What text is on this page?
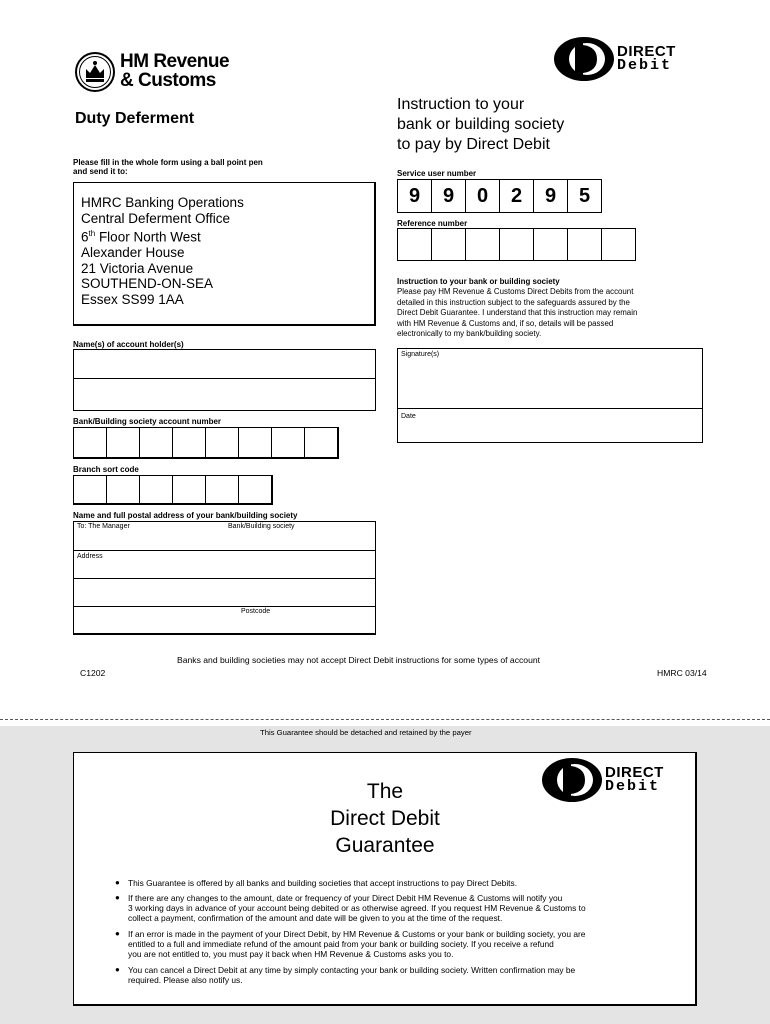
HM Revenue
& Customs
DIRECT
Debit
Duty Deferment
Instruction to your
bank or building society
to pay by Direct Debit
Please fill in the whole form using a ball point pen
and send it to:
HMRC Banking Operations
Central Deferment Office
6th Floor North West
Alexander House
21 Victoria Avenue
SOUTHEND-ON-SEA
Essex SS99 1AA
Name(s) of account holder(s)
Bank/Building society account number
Branch sort code
Name and full postal address of your bank/building society
To: The Manager	Bank/Building society
Address
Postcode
Service user number
9	9	0	2	9	5
Reference number
Instruction to your bank or building society
Please pay HM Revenue & Customs Direct Debits from the account
detailed in this instruction subject to the safeguards assured by the
Direct Debit Guarantee. I understand that this instruction may remain
with HM Revenue & Customs and, if so, details will be passed
electronically to my bank/building society.
Signature(s)
Date
Banks and building societies may not accept Direct Debit instructions for some types of account
C1202	HMRC 03/14
This Guarantee should be detached and retained by the payer
DIRECT
Debit
The
Direct Debit
Guarantee
● This Guarantee is offered by all banks and building societies that accept instructions to pay Direct Debits.
● If there are any changes to the amount, date or frequency of your Direct Debit HM Revenue & Customs will notify you
3 working days in advance of your account being debited or as otherwise agreed. If you request HM Revenue & Customs to
collect a payment, confirmation of the amount and date will be given to you at the time of the request.
● If an error is made in the payment of your Direct Debit, by HM Revenue & Customs or your bank or building society, you are
entitled to a full and immediate refund of the amount paid from your bank or building society. If you receive a refund
you are not entitled to, you must pay it back when HM Revenue & Customs asks you to.
● You can cancel a Direct Debit at any time by simply contacting your bank or building society. Written confirmation may be
required. Please also notify us.
